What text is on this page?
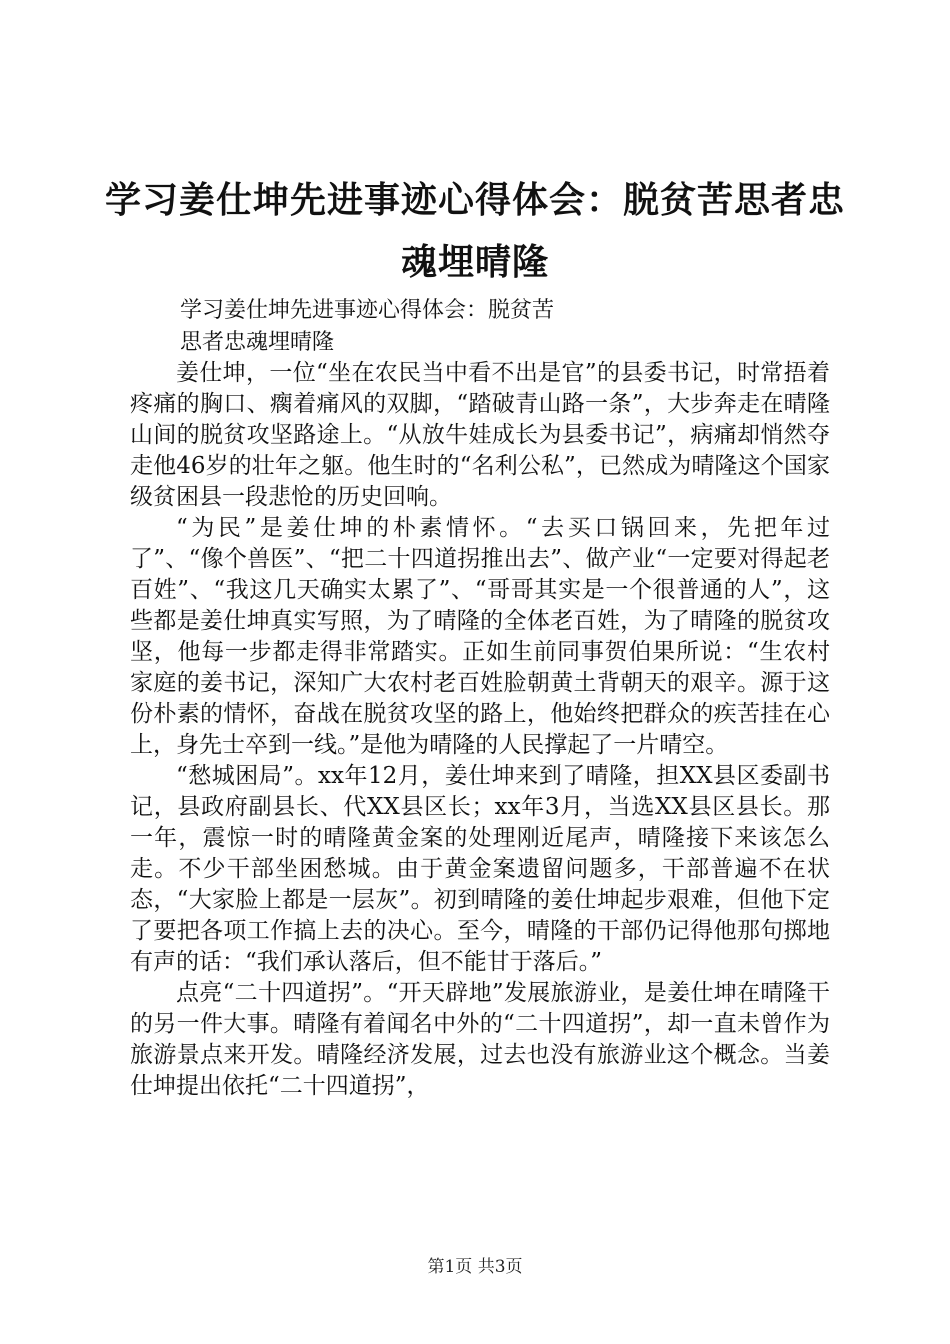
学习姜仕坤先进事迹心得体会：脱贫苦思者忠
魂埋晴隆
学习姜仕坤先进事迹心得体会：脱贫苦
思者忠魂埋晴隆

姜仕坤，一位“坐在农民当中看不出是官”的县委书记，时常捂着疼痛的胸口、瘸着痛风的双脚，“踏破青山路一条”，大步奔走在晴隆山间的脱贫攻坚路途上。“从放牛娃成长为县委书记”，病痛却悄然夺走他46岁的壮年之躯。他生时的“名利公私”，已然成为晴隆这个国家级贫困县一段悲怆的历史回响。

“为民”是姜仕坤的朴素情怀。“去买口锅回来，先把年过了”、“像个兽医”、“把二十四道拐推出去”、做产业“一定要对得起老百姓”、“我这几天确实太累了”、“哥哥其实是一个很普通的人”，这些都是姜仕坤真实写照，为了晴隆的全体老百姓，为了晴隆的脱贫攻坚，他每一步都走得非常踏实。正如生前同事贺伯果所说：“生农村家庭的姜书记，深知广大农村老百姓脸朝黄土背朝天的艰辛。源于这份朴素的情怀，奋战在脱贫攻坚的路上，他始终把群众的疾苦挂在心上，身先士卒到一线。”是他为晴隆的人民撑起了一片晴空。

“愁城困局”。xx年12月，姜仕坤来到了晴隆，担XX县区委副书记，县政府副县长、代XX县区长；xx年3月，当选XX县区县长。那一年，震惊一时的晴隆黄金案的处理刚近尾声，晴隆接下来该怎么走。不少干部坐困愁城。由于黄金案遗留问题多，干部普遍不在状态，“大家脸上都是一层灰”。初到晴隆的姜仕坤起步艰难，但他下定了要把各项工作搞上去的决心。至今，晴隆的干部仍记得他那句掷地有声的话：“我们承认落后，但不能甘于落后。”

点亮“二十四道拐”。“开天辟地”发展旅游业，是姜仕坤在晴隆干的另一件大事。晴隆有着闻名中外的“二十四道拐”，却一直未曾作为旅游景点来开发。晴隆经济发展，过去也没有旅游业这个概念。当姜仕坤提出依托“二十四道拐”，

第1页 共3页
